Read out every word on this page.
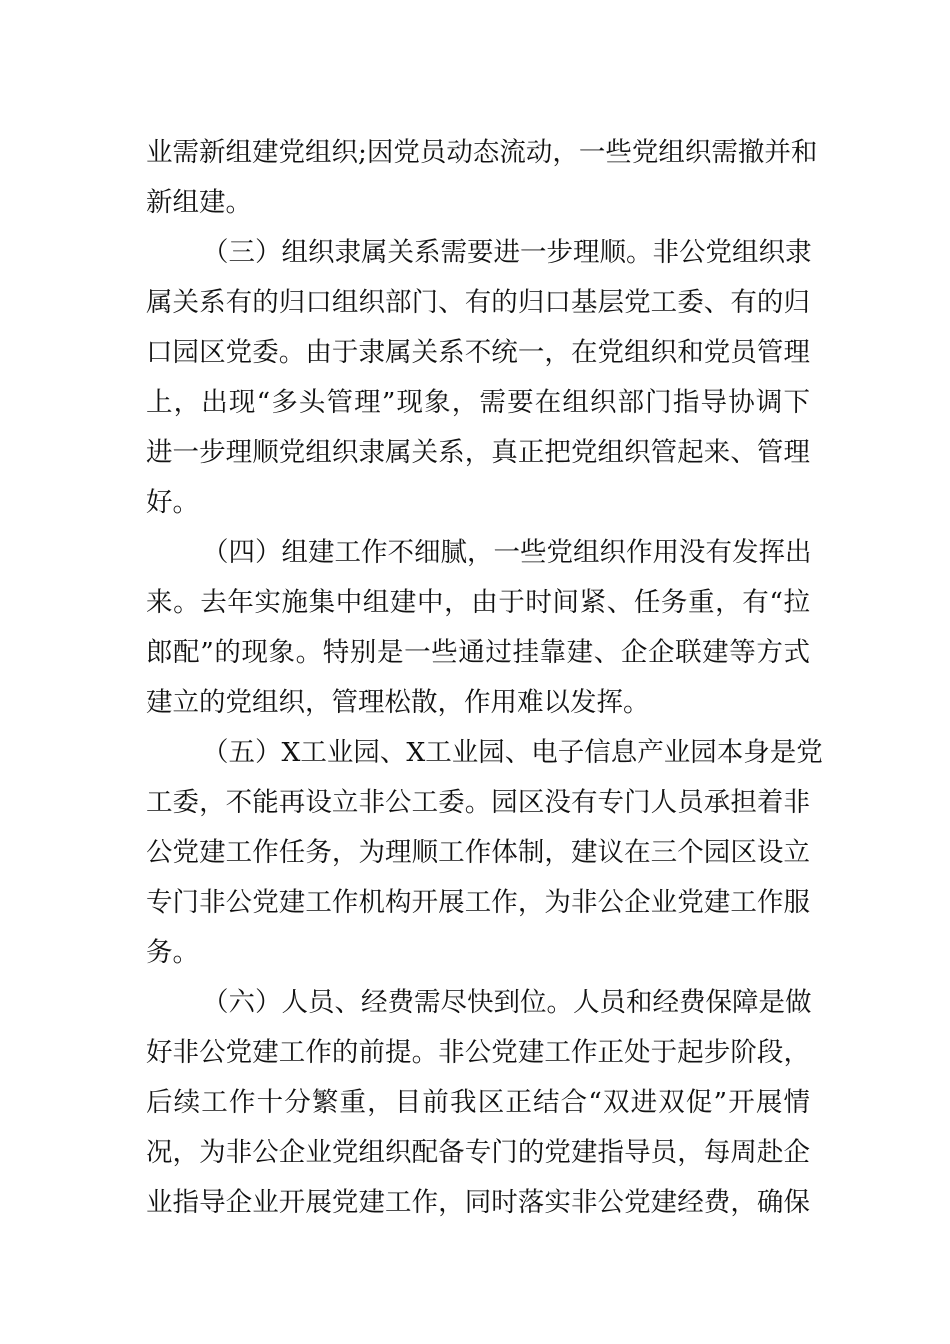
业需新组建党组织;因党员动态流动，一些党组织需撤并和
新组建。
（三）组织隶属关系需要进一步理顺。非公党组织隶
属关系有的归口组织部门、有的归口基层党工委、有的归
口园区党委。由于隶属关系不统一，在党组织和党员管理
上，出现“多头管理”现象，需要在组织部门指导协调下
进一步理顺党组织隶属关系，真正把党组织管起来、管理
好。
（四）组建工作不细腻，一些党组织作用没有发挥出
来。去年实施集中组建中，由于时间紧、任务重，有“拉
郎配”的现象。特别是一些通过挂靠建、企企联建等方式
建立的党组织，管理松散，作用难以发挥。
（五）X工业园、X工业园、电子信息产业园本身是党
工委，不能再设立非公工委。园区没有专门人员承担着非
公党建工作任务，为理顺工作体制，建议在三个园区设立
专门非公党建工作机构开展工作，为非公企业党建工作服
务。
（六）人员、经费需尽快到位。人员和经费保障是做
好非公党建工作的前提。非公党建工作正处于起步阶段，
后续工作十分繁重，目前我区正结合“双进双促”开展情
况，为非公企业党组织配备专门的党建指导员，每周赴企
业指导企业开展党建工作，同时落实非公党建经费，确保
